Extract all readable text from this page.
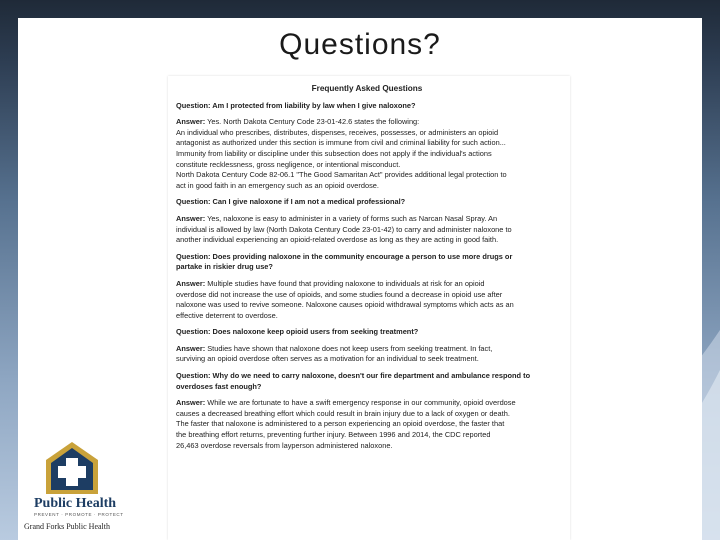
Questions?
Frequently Asked Questions
Question: Am I protected from liability by law when I give naloxone?
Answer: Yes. North Dakota Century Code 23-01-42.6 states the following:
An individual who prescribes, distributes, dispenses, receives, possesses, or administers an opioid
antagonist as authorized under this section is immune from civil and criminal liability for such action...
Immunity from liability or discipline under this subsection does not apply if the individual's actions
constitute recklessness, gross negligence, or intentional misconduct.
North Dakota Century Code 82-06.1 "The Good Samaritan Act" provides additional legal protection to
act in good faith in an emergency such as an opioid overdose.
Question: Can I give naloxone if I am not a medical professional?
Answer: Yes, naloxone is easy to administer in a variety of forms such as Narcan Nasal Spray. An
individual is allowed by law (North Dakota Century Code 23-01-42) to carry and administer naloxone to
another individual experiencing an opioid-related overdose as long as they are acting in good faith.
Question: Does providing naloxone in the community encourage a person to use more drugs or
partake in riskier drug use?
Answer: Multiple studies have found that providing naloxone to individuals at risk for an opioid
overdose did not increase the use of opioids, and some studies found a decrease in opioid use after
naloxone was used to revive someone. Naloxone causes opioid withdrawal symptoms which acts as an
effective deterrent to overdose.
Question: Does naloxone keep opioid users from seeking treatment?
Answer: Studies have shown that naloxone does not keep users from seeking treatment. In fact,
surviving an opioid overdose often serves as a motivation for an individual to seek treatment.
Question: Why do we need to carry naloxone, doesn't our fire department and ambulance respond to
overdoses fast enough?
Answer: While we are fortunate to have a swift emergency response in our community, opioid overdose
causes a decreased breathing effort which could result in brain injury due to a lack of oxygen or death.
The faster that naloxone is administered to a person experiencing an opioid overdose, the faster that
the breathing effort returns, preventing further injury. Between 1996 and 2014, the CDC reported
26,463 overdose reversals from layperson administered naloxone.
Public Health
PREVENT · PROMOTE · PROTECT
Grand Forks Public Health
